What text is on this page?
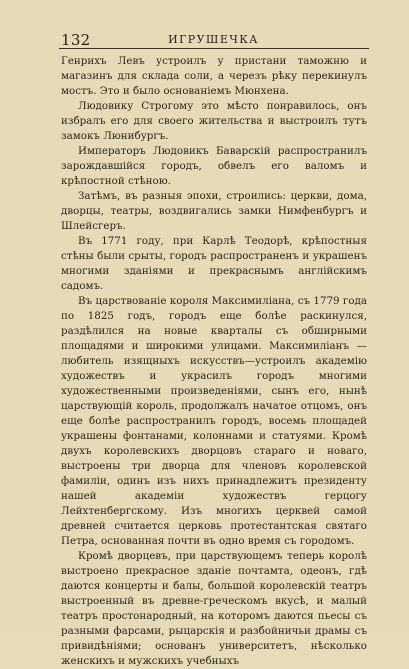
132	ИГРУШЕЧКА

Генрихъ Левъ устроилъ у пристани таможню и магазинъ для склада соли, а черезъ рѣку перекинулъ мостъ. Это и было основаніемъ Мюнхена.

Людовику Строгому это мѣсто понравилось, онъ избралъ его для своего жительства и выстроилъ тутъ замокъ Люнибургъ.

Императоръ Людовикъ Баварскій распространилъ зарождавшійся городъ, обвелъ его валомъ и крѣпостной стѣною.

Затѣмъ, въ разныя эпохи, строились: церкви, дома, дворцы, театры, воздвигались замки Нимфенбургъ и Шлейсгеръ.

Въ 1771 году, при Карлѣ Теодорѣ, крѣпостныя стѣны были срыты, городъ распространенъ и украшенъ многими зданіями и прекраснымъ англійскимъ садомъ.

Въ царствованіе короля Максимиліана, съ 1779 года по 1825 годъ, городъ еще болѣе раскинулся, раздѣлился на новые кварталы съ обширными площадями и широкими улицами. Максимиліанъ — любитель изящныхъ искусствъ—устроилъ академію художествъ и украсилъ городъ многими художественными произведеніями, сынъ его, нынѣ царствующій король, продолжалъ начатое отцомъ, онъ еще болѣе распространилъ городъ, восемь площадей украшены фонтанами, колоннами и статуями. Кромѣ двухъ королевскихъ дворцовъ стараго и новаго, выстроены три дворца для членовъ королевской фамиліи, одинъ изъ нихъ принадлежитъ президенту нашей академіи художествъ герцогу Лейхтенбергскому. Изъ многихъ церквей самой древней считается церковь протестантская святаго Петра, основанная почти въ одно время съ городомъ.

Кромѣ дворцевъ, при царствующемъ теперь королѣ выстроено прекрасное зданіе почтамта, одеонъ, гдѣ даются концерты и балы, большой королевскій театръ выстроенный въ древне-греческомъ вкусѣ, и малый театръ простонародный, на которомъ даются пьесы съ разными фарсами, рыцарскія и разбойничьи драмы съ привидѣніями; основанъ университетъ, нѣсколько женскихъ и мужскихъ учебныхъ
